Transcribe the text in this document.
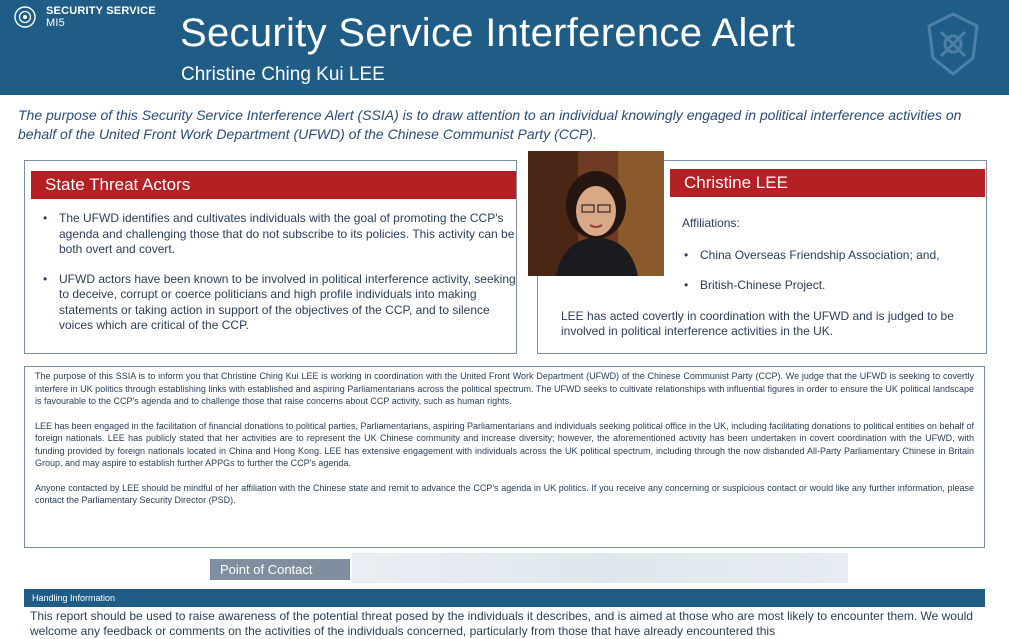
SECURITY SERVICE
MI5	Security Service Interference Alert
Christine Ching Kui LEE
The purpose of this Security Service Interference Alert (SSIA) is to draw attention to an individual knowingly engaged in political interference activities on behalf of the United Front Work Department (UFWD) of the Chinese Communist Party (CCP).
State Threat Actors
• The UFWD identifies and cultivates individuals with the goal of promoting the CCP's agenda and challenging those that do not subscribe to its policies. This activity can be both overt and covert.
• UFWD actors have been known to be involved in political interference activity, seeking to deceive, corrupt or coerce politicians and high profile individuals into making statements or taking action in support of the objectives of the CCP, and to silence voices which are critical of the CCP.
Christine LEE
Affiliations:
• China Overseas Friendship Association; and,
• British-Chinese Project.
LEE has acted covertly in coordination with the UFWD and is judged to be involved in political interference activities in the UK.

The purpose of this SSIA is to inform you that Christine Ching Kui LEE is working in coordination with the United Front Work Department (UFWD) of the Chinese Communist Party (CCP). We judge that the UFWD is seeking to covertly interfere in UK politics through establishing links with established and aspiring Parliamentarians across the political spectrum. The UFWD seeks to cultivate relationships with influential figures in order to ensure the UK political landscape is favourable to the CCP's agenda and to challenge those that raise concerns about CCP activity, such as human rights.

LEE has been engaged in the facilitation of financial donations to political parties, Parliamentarians, aspiring Parliamentarians and individuals seeking political office in the UK, including facilitating donations to political entities on behalf of foreign nationals. LEE has publicly stated that her activities are to represent the UK Chinese community and increase diversity; however, the aforementioned activity has been undertaken in covert coordination with the UFWD, with funding provided by foreign nationals located in China and Hong Kong. LEE has extensive engagement with individuals across the UK political spectrum, including through the now disbanded All-Party Parliamentary Chinese in Britain Group, and may aspire to establish further APPGs to further the CCP's agenda.

Anyone contacted by LEE should be mindful of her affiliation with the Chinese state and remit to advance the CCP's agenda in UK politics. If you receive any concerning or suspicious contact or would like any further information, please contact the Parliamentary Security Director (PSD).

Point of Contact
Handling Information
This report should be used to raise awareness of the potential threat posed by the individuals it describes, and is aimed at those who are most likely to encounter them. We would welcome any feedback or comments on the activities of the individuals concerned, particularly from those that have already encountered this
